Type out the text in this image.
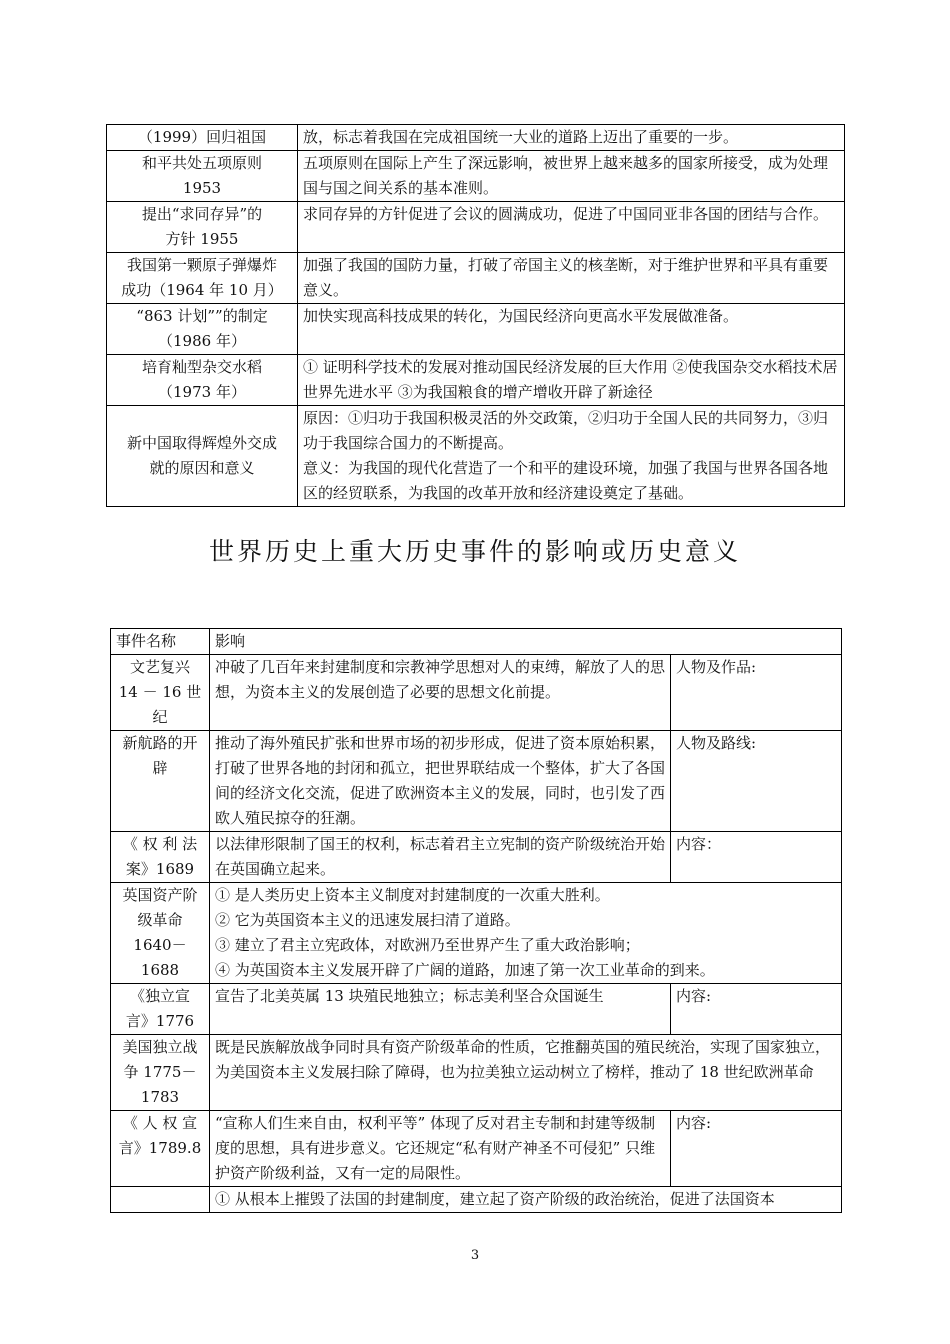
（1999）回归祖国	放，标志着我国在完成祖国统一大业的道路上迈出了重要的一步。

和平共处五项原则
1953	五项原则在国际上产生了深远影响，被世界上越来越多的国家所接受，成为处理国与国之间关系的基本准则。

提出“求同存异”的
方针 1955	求同存异的方针促进了会议的圆满成功，促进了中国同亚非各国的团结与合作。

我国第一颗原子弹爆炸
成功（1964 年 10 月）	加强了我国的国防力量，打破了帝国主义的核垄断，对于维护世界和平具有重要意义。

“863 计划””的制定
（1986 年）	加快实现高科技成果的转化，为国民经济向更高水平发展做准备。

培育籼型杂交水稻
（1973 年）	① 证明科学技术的发展对推动国民经济发展的巨大作用 ②使我国杂交水稻技术居世界先进水平 ③为我国粮食的增产增收开辟了新途径

新中国取得辉煌外交成
就的原因和意义	原因：①归功于我国积极灵活的外交政策，②归功于全国人民的共同努力，③归功于我国综合国力的不断提高。
意义：为我国的现代化营造了一个和平的建设环境，加强了我国与世界各国各地区的经贸联系，为我国的改革开放和经济建设奠定了基础。
世界历史上重大历史事件的影响或历史意义
事件名称	影响	

文艺复兴
14 － 16 世纪	冲破了几百年来封建制度和宗教神学思想对人的束缚，解放了人的思想，为资本主义的发展创造了必要的思想文化前提。	人物及作品:

新航路的开辟	推动了海外殖民扩张和世界市场的初步形成，促进了资本原始积累，打破了世界各地的封闭和孤立，把世界联结成一个整体，扩大了各国间的经济文化交流，促进了欧洲资本主义的发展，同时，也引发了西欧人殖民掠夺的狂潮。	人物及路线:

《 权 利 法 案》1689	以法律形限制了国王的权利，标志着君主立宪制的资产阶级统治开始在英国确立起来。	内容：

英国资产阶
级革命
1640－1688	① 是人类历史上资本主义制度对封建制度的一次重大胜利。
② 它为英国资本主义的迅速发展扫清了道路。
③ 建立了君主立宪政体，对欧洲乃至世界产生了重大政治影响；
④ 为英国资本主义发展开辟了广阔的道路，加速了第一次工业革命的到来。	

《独立宣
言》1776	宣告了北美英属 13 块殖民地独立；标志美利坚合众国诞生	内容:

美国独立战
争 1775－
1783	既是民族解放战争同时具有资产阶级革命的性质，它推翻英国的殖民统治，实现了国家独立，为美国资本主义发展扫除了障碍，也为拉美独立运动树立了榜样，推动了 18 世纪欧洲革命	

《 人 权 宣 言》1789.8	“宣称人们生来自由，权利平等” 体现了反对君主专制和封建等级制度的思想，具有进步意义。它还规定“私有财产神圣不可侵犯” 只维护资产阶级利益，又有一定的局限性。	内容:

	① 从根本上摧毁了法国的封建制度，建立起了资产阶级的政治统治，促进了法国资本	
3
